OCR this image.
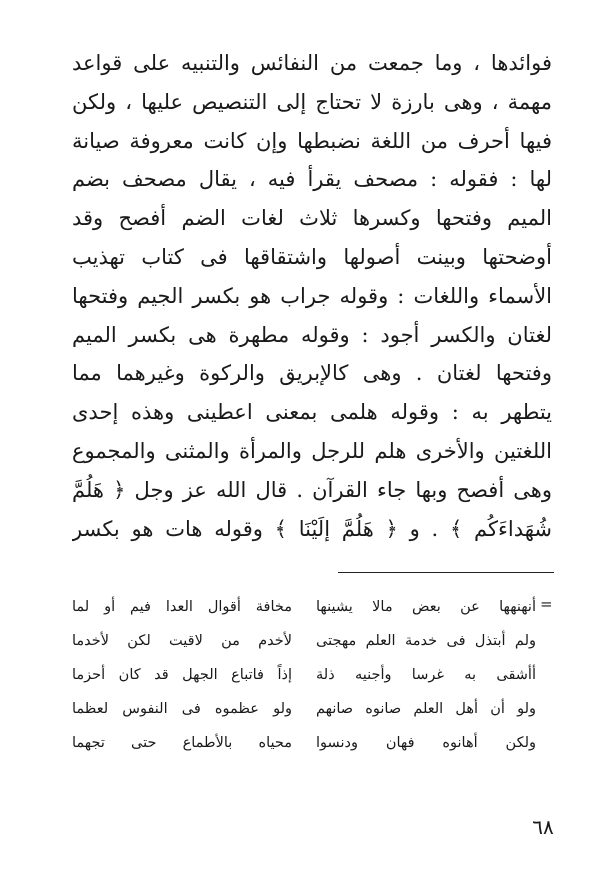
فوائدها ، وما جمعت من النفائس والتنبيه على قواعد
مهمة ، وهى بارزة لا تحتاج إلى التنصيص عليها ، ولكن
فيها أحرف من اللغة نضبطها وإن كانت معروفة صيانة
لها : فقوله : مصحف يقرأ فيه ، يقال مصحف بضم
الميم وفتحها وكسرها ثلاث لغات الضم أفصح وقد
أوضحتها وبينت أصولها واشتقاقها فى كتاب تهذيب
الأسماء واللغات : وقوله جراب هو بكسر الجيم وفتحها
لغتان والكسر أجود : وقوله مطهرة هى بكسر الميم
وفتحها لغتان . وهى كالإبريق والركوة وغيرهما مما
يتطهر به : وقوله هلمى بمعنى اعطينى وهذه إحدى
اللغتين والأخرى هلم للرجل والمرأة والمثنى والمجموع
وهى أفصح وبها جاء القرآن . قال الله عز وجل ﴿ هَلُمَّ
شُهَداءَكُم ﴾ . و ﴿ هَلُمَّ إلَيْنَا ﴾ وقوله هات هو بكسر
=
أنهنهها عن بعض مالا يشينها
مخافة أقوال العدا فيم أو لما
ولم أبتذل فى خدمة العلم مهجتى
لأخدم من لاقيت لكن لأخدما
أأشقى به غرسا وأجنيه ذلة
إذاً فاتباع الجهل قد كان أحزما
ولو أن أهل العلم صانوه صانهم
ولو عظموه فى النفوس لعظما
ولكن أهانوه فهان ودنسوا
محياه بالأطماع حتى تجهما
٦٨
